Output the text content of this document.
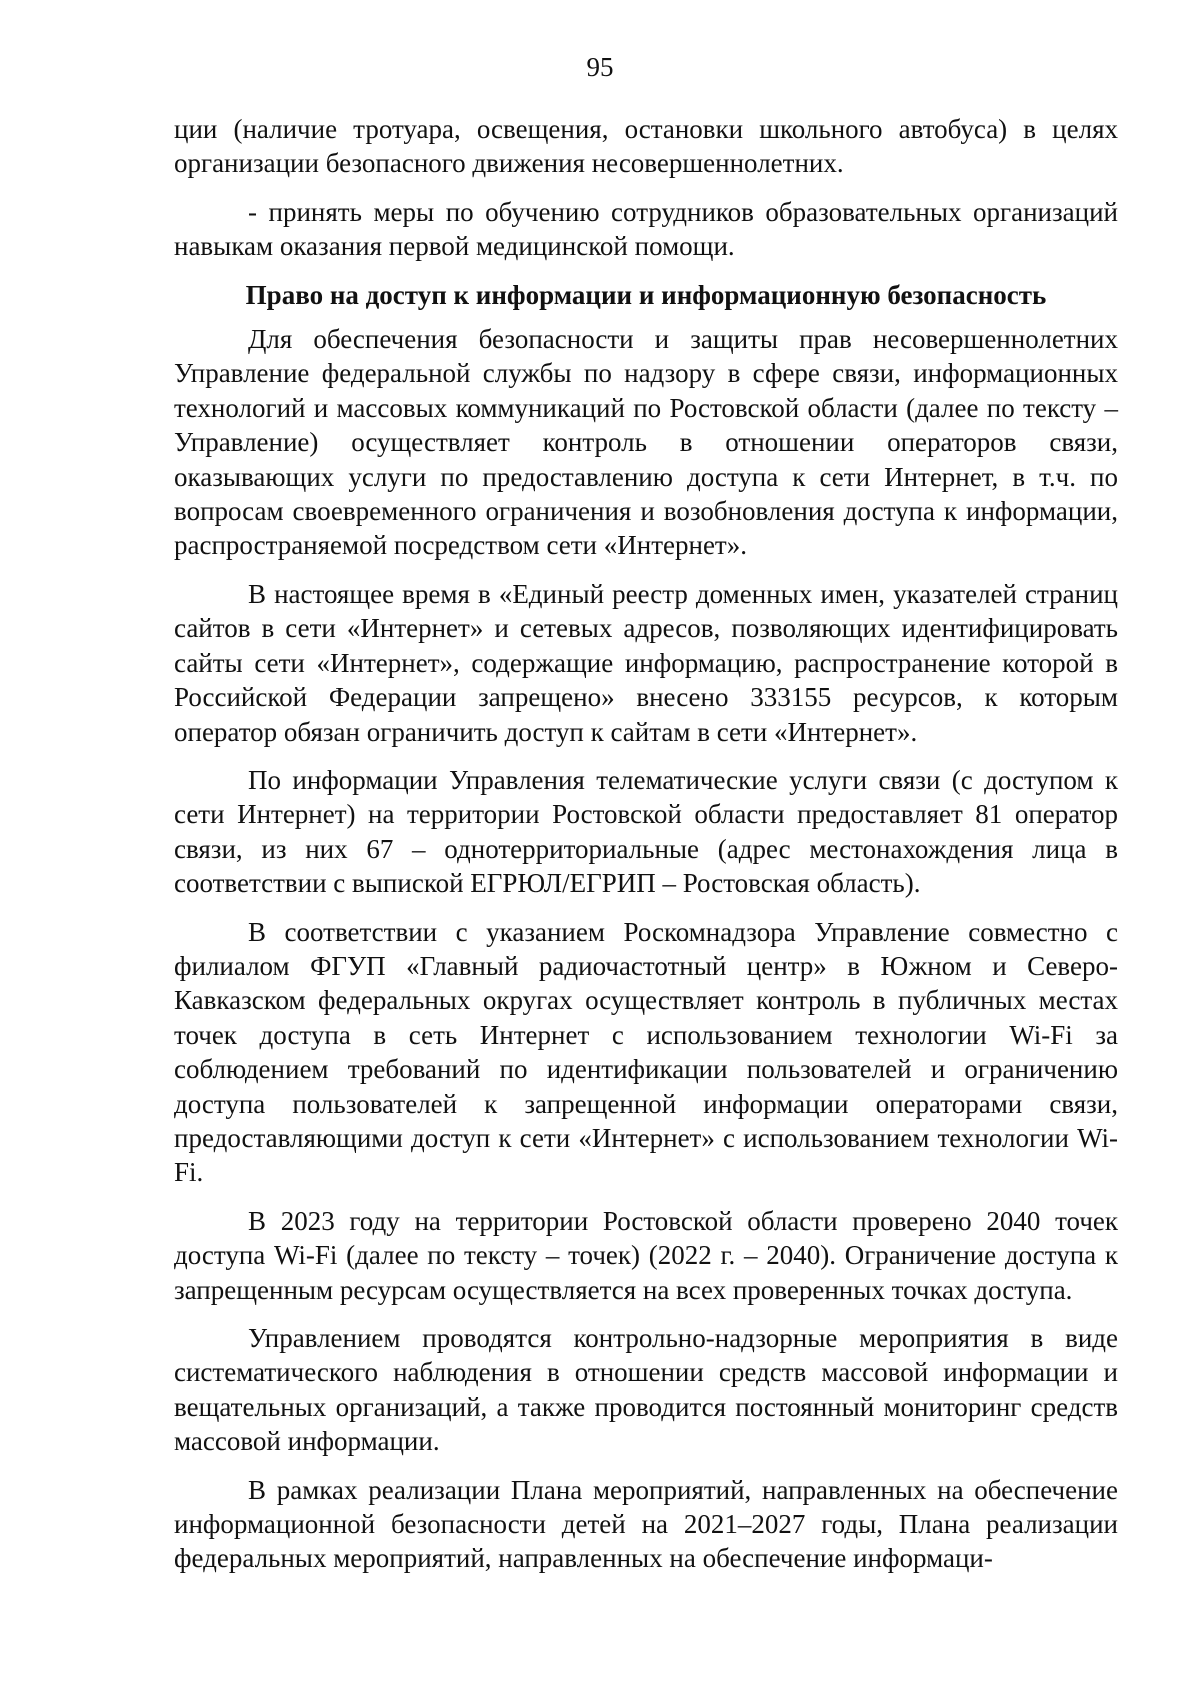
95

ции (наличие тротуара, освещения, остановки школьного автобуса) в целях организации безопасного движения несовершеннолетних.

- принять меры по обучению сотрудников образовательных организаций навыкам оказания первой медицинской помощи.

Право на доступ к информации и информационную безопасность

Для обеспечения безопасности и защиты прав несовершеннолетних Управление федеральной службы по надзору в сфере связи, информационных технологий и массовых коммуникаций по Ростовской области (далее по тексту – Управление) осуществляет контроль в отношении операторов связи, оказывающих услуги по предоставлению доступа к сети Интернет, в т.ч. по вопросам своевременного ограничения и возобновления доступа к информации, распространяемой посредством сети «Интернет».

В настоящее время в «Единый реестр доменных имен, указателей страниц сайтов в сети «Интернет» и сетевых адресов, позволяющих идентифицировать сайты сети «Интернет», содержащие информацию, распространение которой в Российской Федерации запрещено» внесено 333155 ресурсов, к которым оператор обязан ограничить доступ к сайтам в сети «Интернет».

По информации Управления телематические услуги связи (с доступом к сети Интернет) на территории Ростовской области предоставляет 81 оператор связи, из них 67 – однотерриториальные (адрес местонахождения лица в соответствии с выпиской ЕГРЮЛ/ЕГРИП – Ростовская область).

В соответствии с указанием Роскомнадзора Управление совместно с филиалом ФГУП «Главный радиочастотный центр» в Южном и Северо-Кавказском федеральных округах осуществляет контроль в публичных местах точек доступа в сеть Интернет с использованием технологии Wi-Fi за соблюдением требований по идентификации пользователей и ограничению доступа пользователей к запрещенной информации операторами связи, предоставляющими доступ к сети «Интернет» с использованием технологии Wi-Fi.

В 2023 году на территории Ростовской области проверено 2040 точек доступа Wi-Fi (далее по тексту – точек) (2022 г. – 2040). Ограничение доступа к запрещенным ресурсам осуществляется на всех проверенных точках доступа.

Управлением проводятся контрольно-надзорные мероприятия в виде систематического наблюдения в отношении средств массовой информации и вещательных организаций, а также проводится постоянный мониторинг средств массовой информации.

В рамках реализации Плана мероприятий, направленных на обеспечение информационной безопасности детей на 2021–2027 годы, Плана реализации федеральных мероприятий, направленных на обеспечение информаци-
